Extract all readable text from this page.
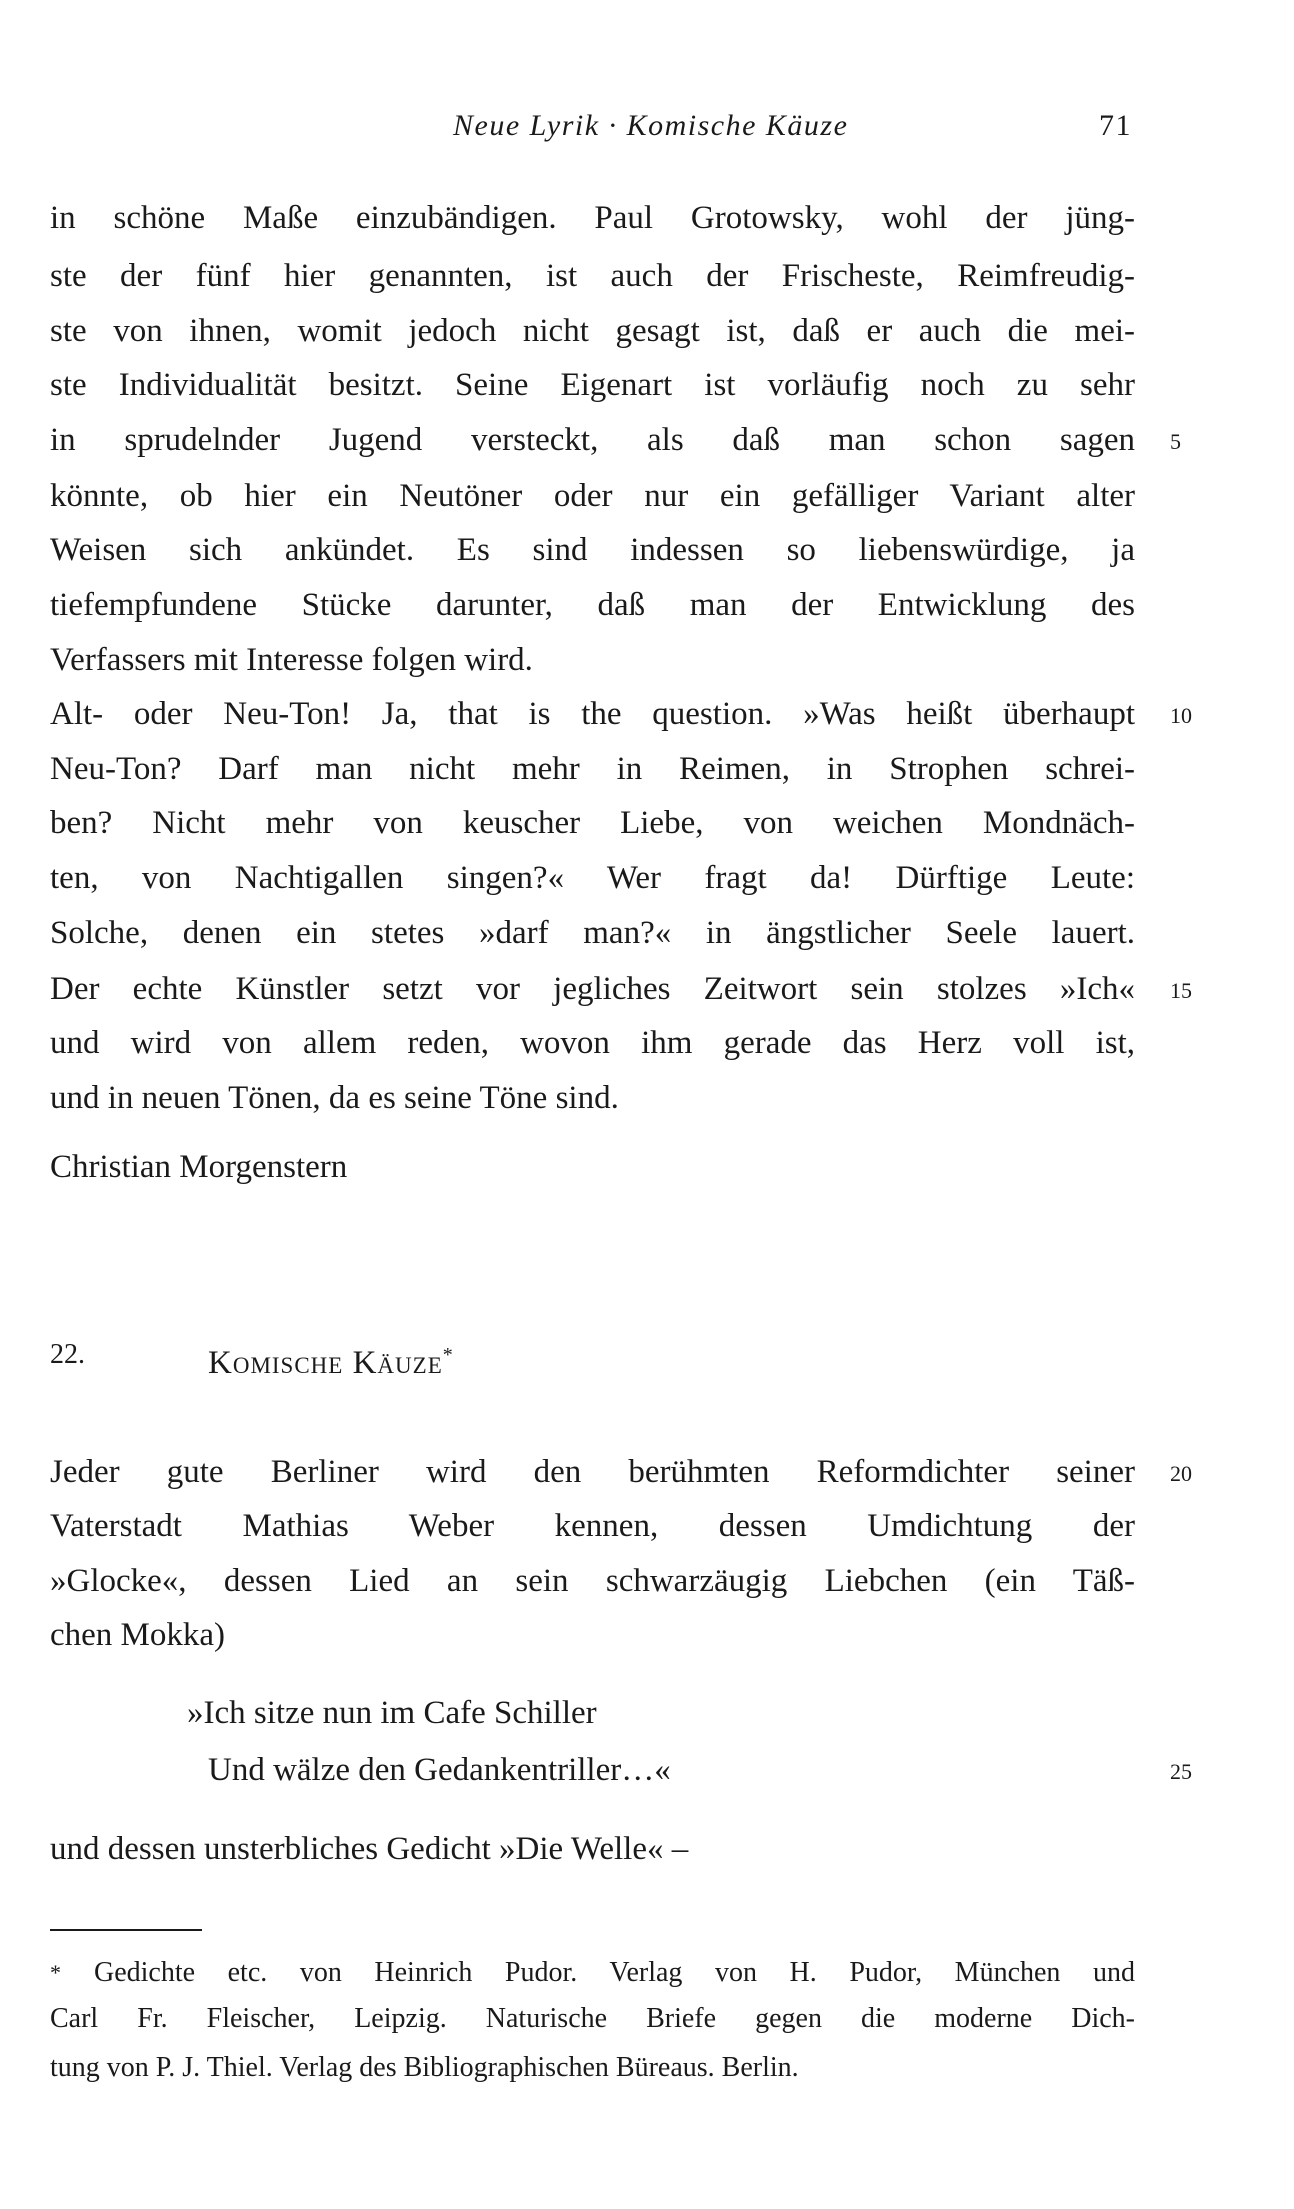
Neue Lyrik · Komische Käuze	71
in schöne Maße einzubändigen. Paul Grotowsky, wohl der jüng-
ste der fünf hier genannten, ist auch der Frischeste, Reimfreudig-
ste von ihnen, womit jedoch nicht gesagt ist, daß er auch die mei-
ste Individualität besitzt. Seine Eigenart ist vorläufig noch zu sehr
in sprudelnder Jugend versteckt, als daß man schon sagen
könnte, ob hier ein Neutöner oder nur ein gefälliger Variant alter
Weisen sich ankündet. Es sind indessen so liebenswürdige, ja
tiefempfundene Stücke darunter, daß man der Entwicklung des
Verfassers mit Interesse folgen wird.
Alt- oder Neu-Ton! Ja, that is the question. »Was heißt überhaupt
Neu-Ton? Darf man nicht mehr in Reimen, in Strophen schrei-
ben? Nicht mehr von keuscher Liebe, von weichen Mondnäch-
ten, von Nachtigallen singen?« Wer fragt da! Dürftige Leute:
Solche, denen ein stetes »darf man?« in ängstlicher Seele lauert.
Der echte Künstler setzt vor jegliches Zeitwort sein stolzes »Ich«
und wird von allem reden, wovon ihm gerade das Herz voll ist,
und in neuen Tönen, da es seine Töne sind.
Christian Morgenstern
22.	Komische Käuze*
Jeder gute Berliner wird den berühmten Reformdichter seiner
Vaterstadt Mathias Weber kennen, dessen Umdichtung der
»Glocke«, dessen Lied an sein schwarzäugig Liebchen (ein Täß-
chen Mokka)
»Ich sitze nun im Cafe Schiller
Und wälze den Gedankentriller…«
und dessen unsterbliches Gedicht »Die Welle« –
5
10
15
20
25
*	Gedichte etc. von Heinrich Pudor. Verlag von H. Pudor, München und
Carl Fr. Fleischer, Leipzig. Naturische Briefe gegen die moderne Dich-
tung von P. J. Thiel. Verlag des Bibliographischen Büreaus. Berlin.
